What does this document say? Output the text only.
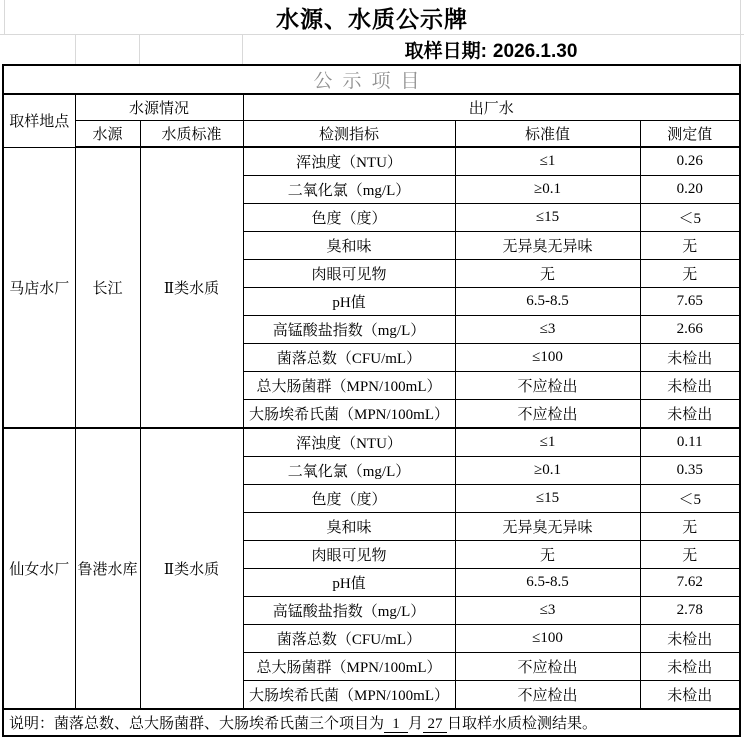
水源、水质公示牌
取样日期: 2026.1.30
公示项目					
取样地点	水源情况		出厂水		
	水源	水质标准	检测指标	标准值	测定值
马店水厂	长江	Ⅱ类水质	浑浊度（NTU）	≤1	0.26
			二氧化氯（mg/L）	≥0.1	0.20
			色度（度）	≤15	＜5
			臭和味	无异臭无异味	无
			肉眼可见物	无	无
			pH值	6.5-8.5	7.65
			高锰酸盐指数（mg/L）	≤3	2.66
			菌落总数（CFU/mL）	≤100	未检出
			总大肠菌群（MPN/100mL）	不应检出	未检出
			大肠埃希氏菌（MPN/100mL）	不应检出	未检出
仙女水厂	鲁港水库	Ⅱ类水质	浑浊度（NTU）	≤1	0.11
			二氧化氯（mg/L）	≥0.1	0.35
			色度（度）	≤15	＜5
			臭和味	无异臭无异味	无
			肉眼可见物	无	无
			pH值	6.5-8.5	7.62
			高锰酸盐指数（mg/L）	≤3	2.78
			菌落总数（CFU/mL）	≤100	未检出
			总大肠菌群（MPN/100mL）	不应检出	未检出
			大肠埃希氏菌（MPN/100mL）	不应检出	未检出
说明：菌落总数、总大肠菌群、大肠埃希氏菌三个项目为 1 月 27 日取样水质检测结果。					
